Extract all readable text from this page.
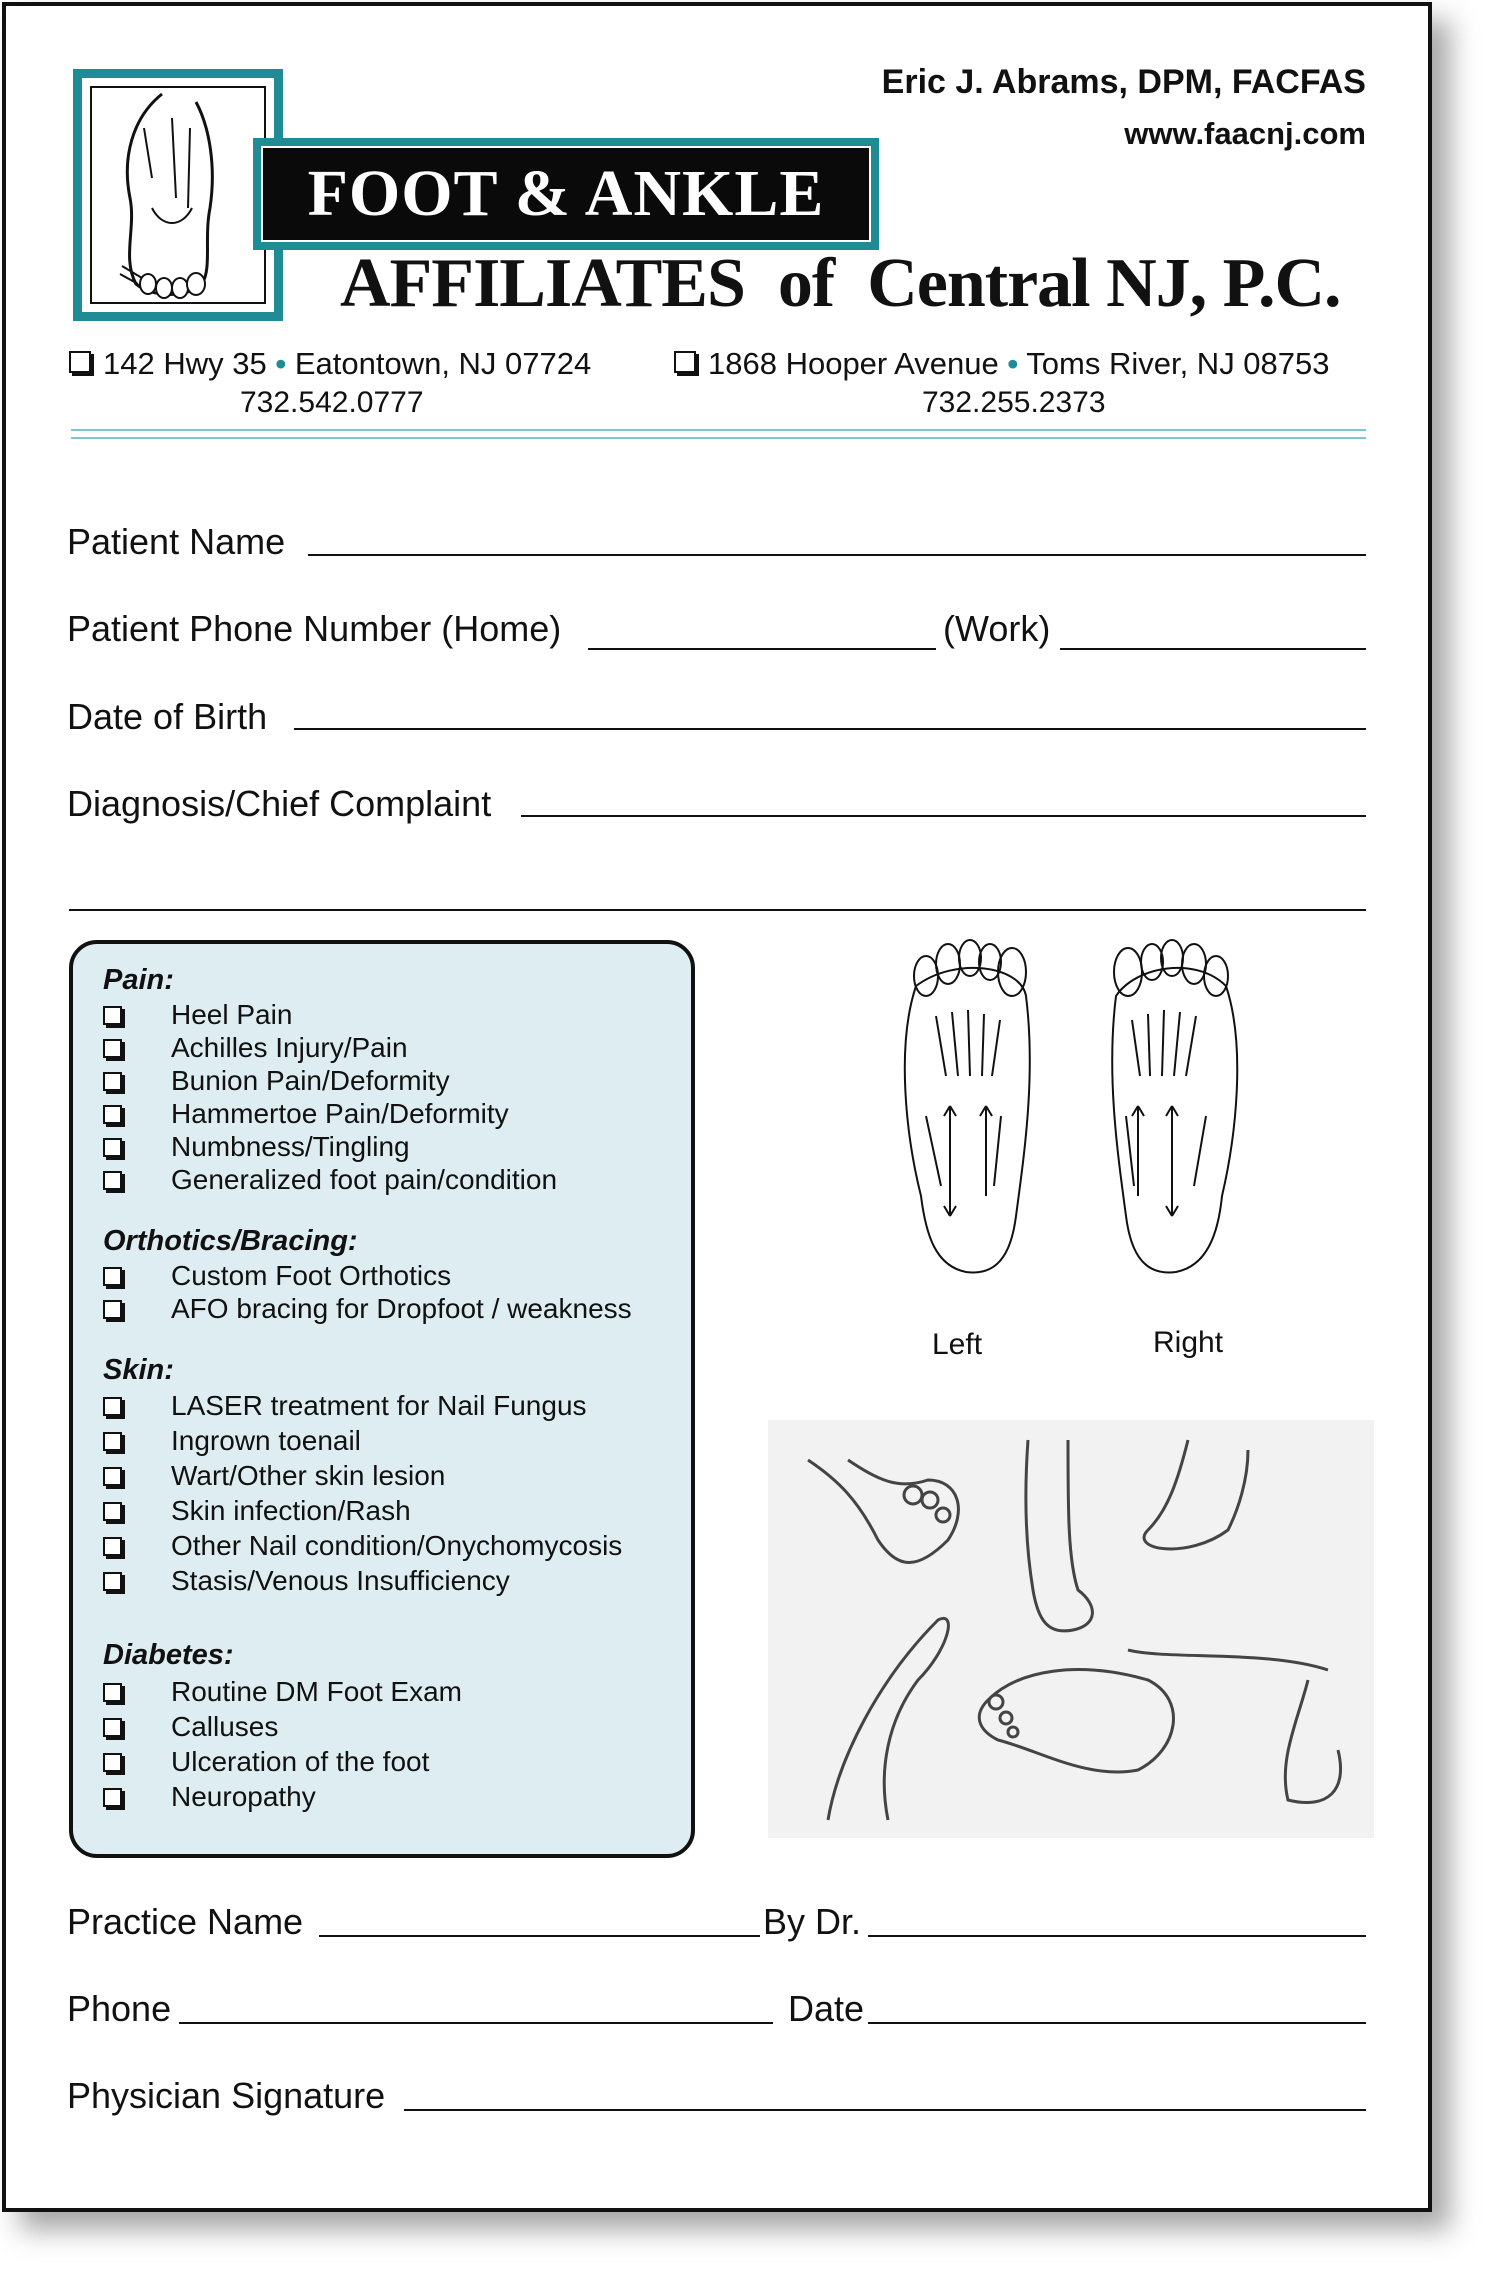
FOOT & ANKLE
AFFILIATES  of  Central NJ, P.C.
Eric J. Abrams, DPM, FACFAS
www.faacnj.com
142 Hwy 35 • Eatontown, NJ 07724
732.542.0777
1868 Hooper Avenue • Toms River, NJ 08753
732.255.2373
Patient Name
Patient Phone Number (Home)	(Work)
Date of Birth
Diagnosis/Chief Complaint
Pain:
Heel Pain
Achilles Injury/Pain
Bunion Pain/Deformity
Hammertoe Pain/Deformity
Numbness/Tingling
Generalized foot pain/condition
Orthotics/Bracing:
Custom Foot Orthotics
AFO bracing for Dropfoot / weakness
Skin:
LASER treatment for Nail Fungus
Ingrown toenail
Wart/Other skin lesion
Skin infection/Rash
Other Nail condition/Onychomycosis
Stasis/Venous Insufficiency
Diabetes:
Routine DM Foot Exam
Calluses
Ulceration of the foot
Neuropathy
Left	Right
Practice Name	By Dr.
Phone	Date
Physician Signature
